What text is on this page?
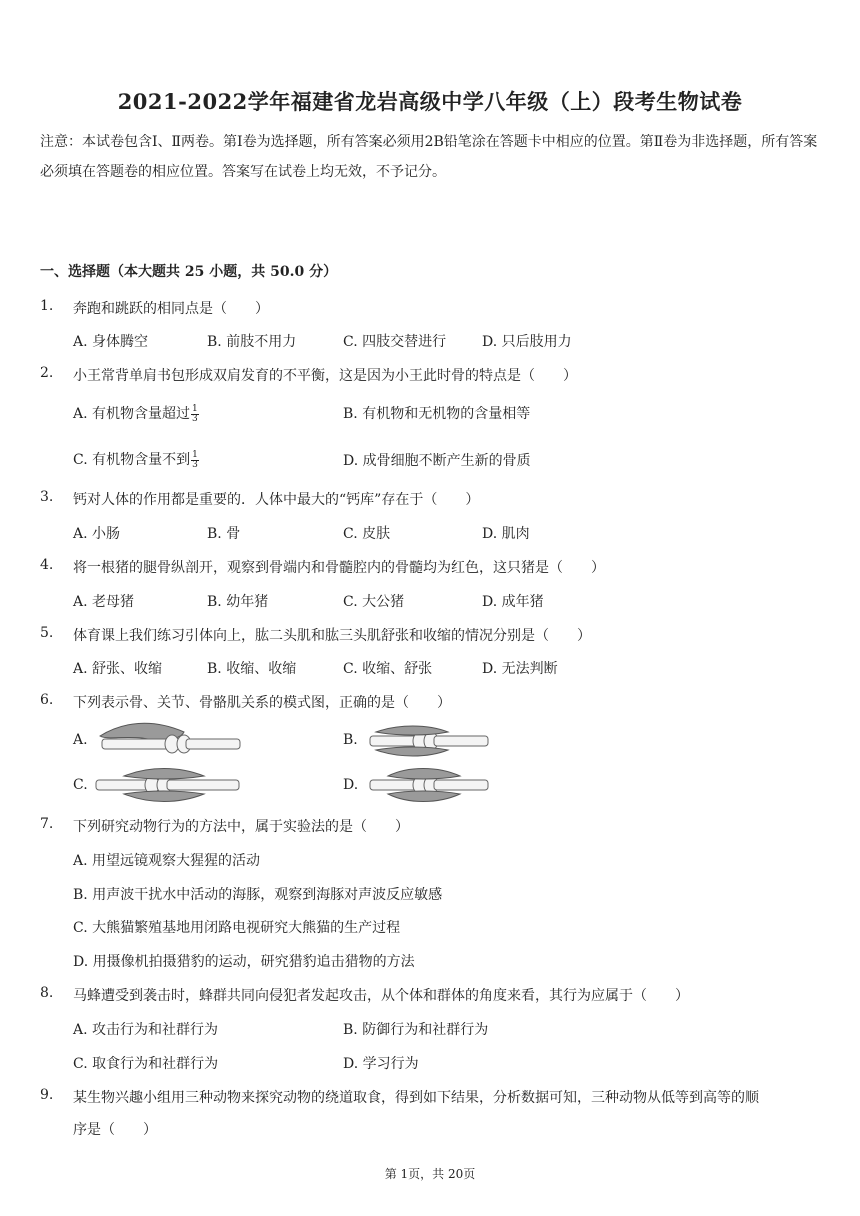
2021-2022学年福建省龙岩高级中学八年级（上）段考生物试卷
注意：本试卷包含Ⅰ、Ⅱ两卷。第Ⅰ卷为选择题，所有答案必须用2B铅笔涂在答题卡中相应的位置。第Ⅱ卷为非选择题，所有答案必须填在答题卷的相应位置。答案写在试卷上均无效，不予记分。
一、选择题（本大题共 25 小题，共 50.0 分）
1. 奔跑和跳跃的相同点是（　　）
A. 身体腾空	B. 前肢不用力	C. 四肢交替进行	D. 只后肢用力
2. 小王常背单肩书包形成双肩发育的不平衡，这是因为小王此时骨的特点是（　　）
A. 有机物含量超过 $\frac{1}{3}$	B. 有机物和无机物的含量相等
C. 有机物含量不到 $\frac{1}{3}$	D. 成骨细胞不断产生新的骨质
3. 钙对人体的作用都是重要的．人体中最大的“钙库”存在于（　　）
A. 小肠	B. 骨	C. 皮肤	D. 肌肉
4. 将一根猪的腿骨纵剖开，观察到骨端内和骨髓腔内的骨髓均为红色，这只猪是（　　）
A. 老母猪	B. 幼年猪	C. 大公猪	D. 成年猪
5. 体育课上我们练习引体向上，肱二头肌和肱三头肌舒张和收缩的情况分别是（　　）
A. 舒张、收缩	B. 收缩、收缩	C. 收缩、舒张	D. 无法判断
6. 下列表示骨、关节、骨骼肌关系的模式图，正确的是（　　）
A.	B.
C.	D.
7. 下列研究动物行为的方法中，属于实验法的是（　　）
A. 用望远镜观察大猩猩的活动
B. 用声波干扰水中活动的海豚，观察到海豚对声波反应敏感
C. 大熊猫繁殖基地用闭路电视研究大熊猫的生产过程
D. 用摄像机拍摄猎豹的运动，研究猎豹追击猎物的方法
8. 马蜂遭受到袭击时，蜂群共同向侵犯者发起攻击，从个体和群体的角度来看，其行为应属于（　　）
A. 攻击行为和社群行为	B. 防御行为和社群行为
C. 取食行为和社群行为	D. 学习行为
9. 某生物兴趣小组用三种动物来探究动物的绕道取食，得到如下结果，分析数据可知，三种动物从低等到高等的顺
序是（　　）
第 1页，共 20页
